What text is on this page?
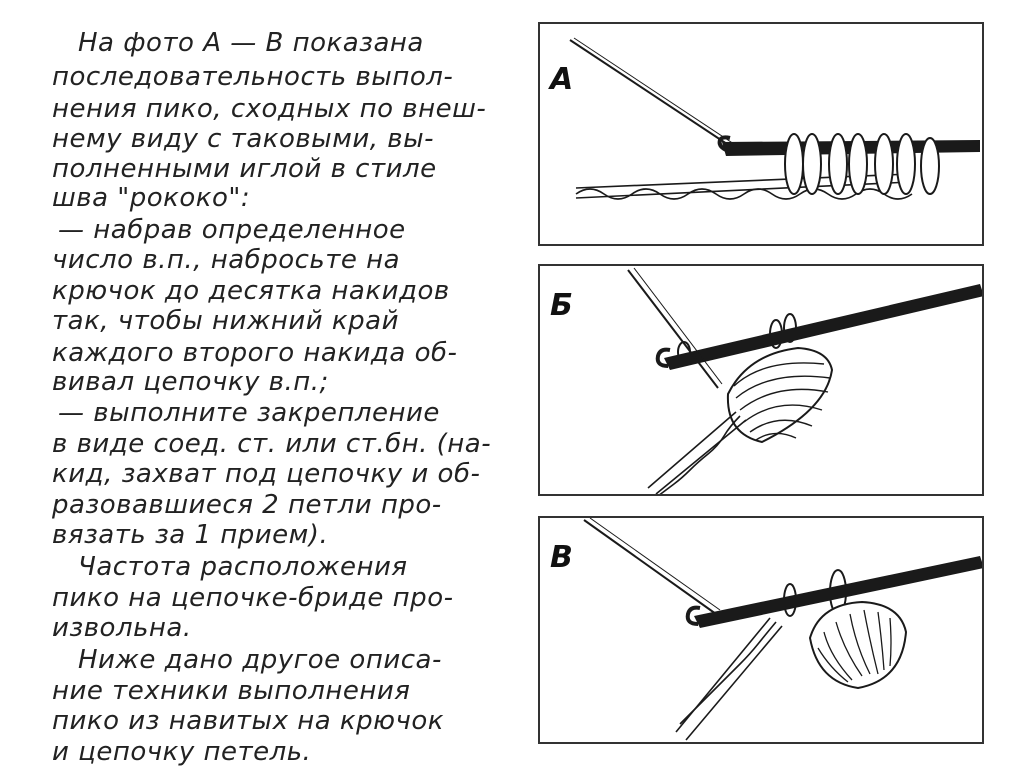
На фото А — В показана
последовательность выпол-
нения пико, сходных по внеш-
нему виду с таковыми, вы-
полненными иглой в стиле
шва "рококо":
— набрав определенное
число в.п., набросьте на
крючок до десятка накидов
так, чтобы нижний край
каждого второго накида об-
вивал цепочку в.п.;
— выполните закрепление
в виде соед. ст. или ст.бн. (на-
кид, захват под цепочку и об-
разовавшиеся 2 петли про-
вязать за 1 прием).
Частота расположения
пико на цепочке-бриде про-
извольна.
Ниже дано другое описа-
ние техники выполнения
пико из навитых на крючок
и цепочку петель.
А
Б
В
